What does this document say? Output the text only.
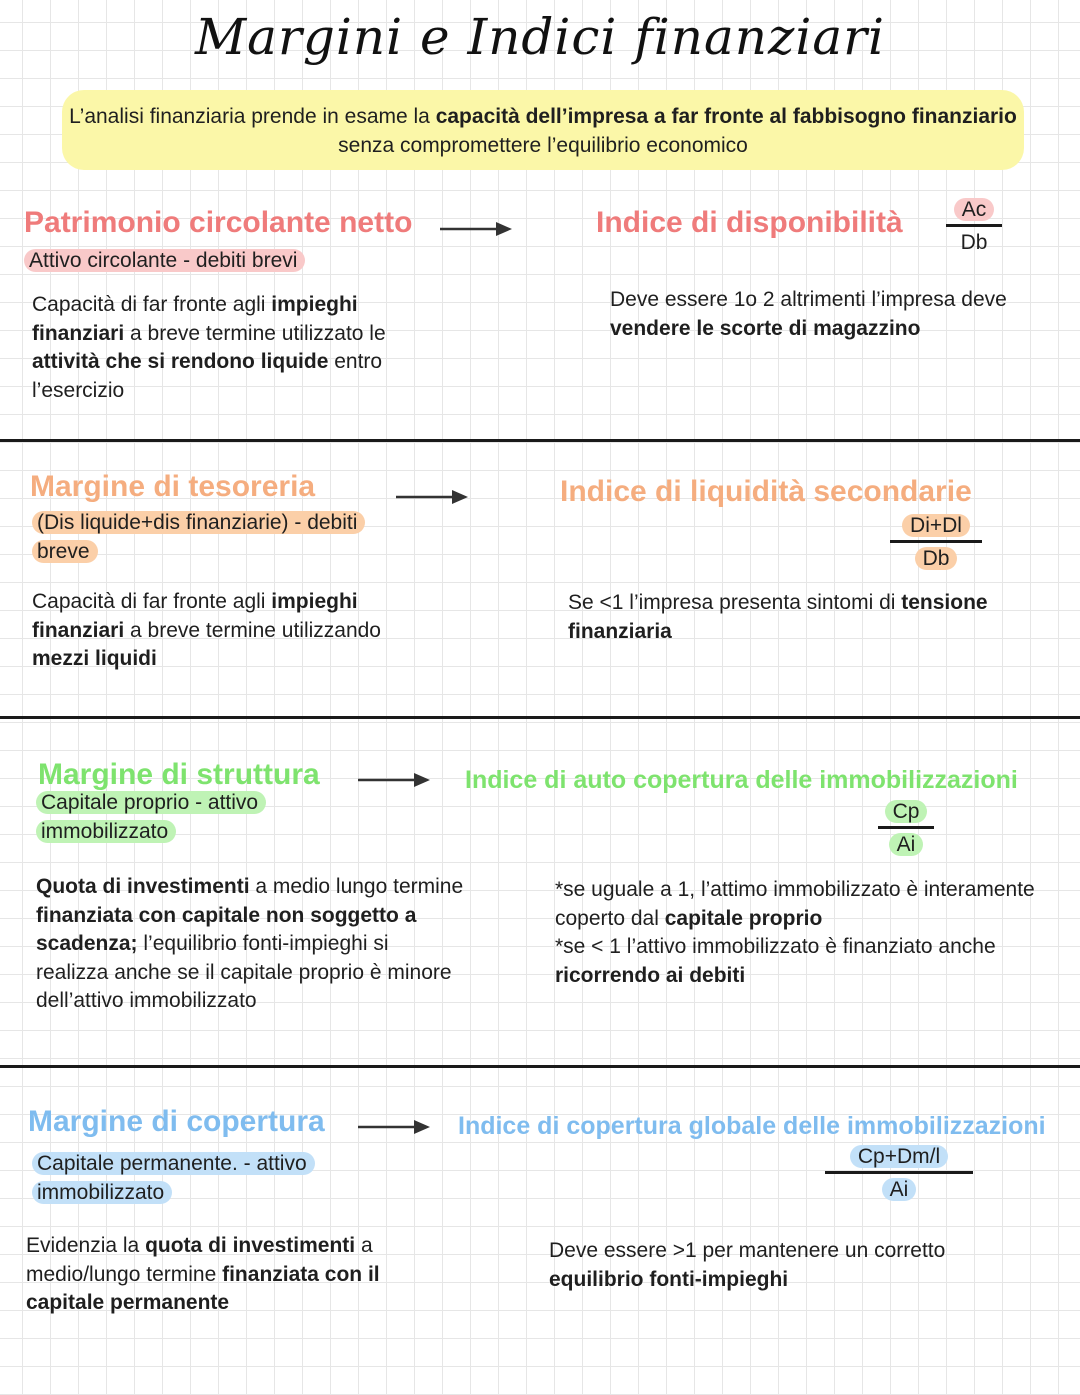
Margini e Indici finanziari
L’analisi finanziaria prende in esame la capacità dell’impresa a far fronte al fabbisogno finanziario senza compromettere l’equilibrio economico
Patrimonio circolante netto
Attivo circolante - debiti brevi
Capacità di far fronte agli impieghi finanziari a breve termine utilizzato le attività che si rendono liquide entro l’esercizio
Indice di disponibilità	Ac
Db
Deve essere 1o 2 altrimenti l’impresa deve vendere le scorte di magazzino
Margine di tesoreria
(Dis liquide+dis finanziarie) - debiti breve
Capacità di far fronte agli impieghi finanziari a breve termine utilizzando mezzi liquidi
Indice di liquidità secondarie
Di+Dl
Db
Se <1 l’impresa presenta sintomi di tensione finanziaria
Margine di struttura
Capitale proprio - attivo immobilizzato
Quota di investimenti a medio lungo termine finanziata con capitale non soggetto a scadenza; l’equilibrio fonti-impieghi si realizza anche se il capitale proprio è minore dell’attivo immobilizzato
Indice di auto copertura delle immobilizzazioni
Cp
Ai
*se uguale a 1, l’attimo immobilizzato è interamente coperto dal capitale proprio
*se < 1 l’attivo immobilizzato è finanziato anche ricorrendo ai debiti
Margine di copertura
Capitale permanente. - attivo immobilizzato
Evidenzia la quota di investimenti a medio/lungo termine finanziata con il capitale permanente
Indice di copertura globale delle immobilizzazioni
Cp+Dm/l
Ai
Deve essere >1 per mantenere un corretto equilibrio fonti-impieghi
